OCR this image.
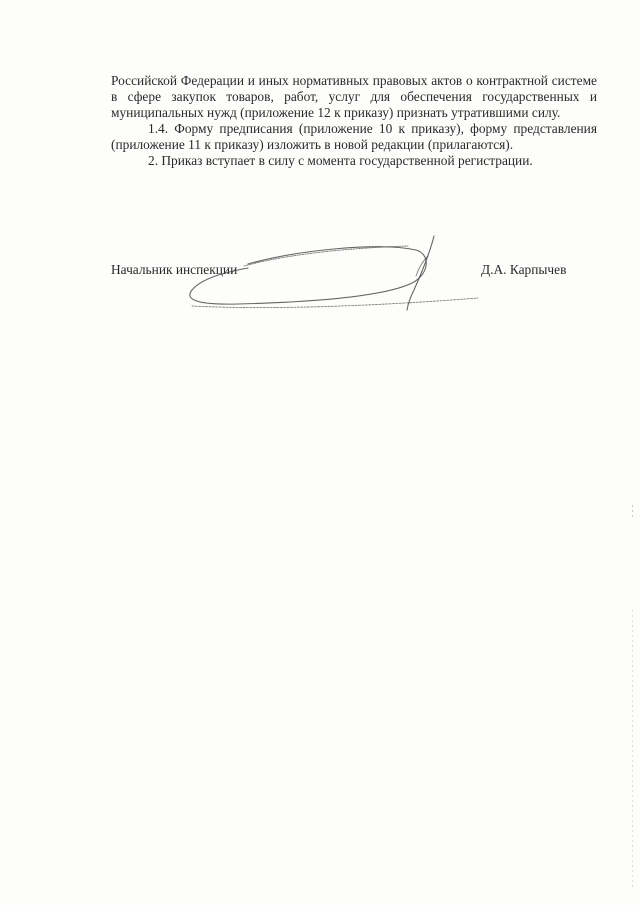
Российской Федерации и иных нормативных правовых актов о контрактной системе в сфере закупок товаров, работ, услуг для обеспечения государственных и муниципальных нужд (приложение 12 к приказу) признать утратившими силу.

1.4. Форму предписания (приложение 10 к приказу), форму представления (приложение 11 к приказу) изложить в новой редакции (прилагаются).

2. Приказ вступает в силу с момента государственной регистрации.

Начальник инспекции	Д.А. Карпычев
